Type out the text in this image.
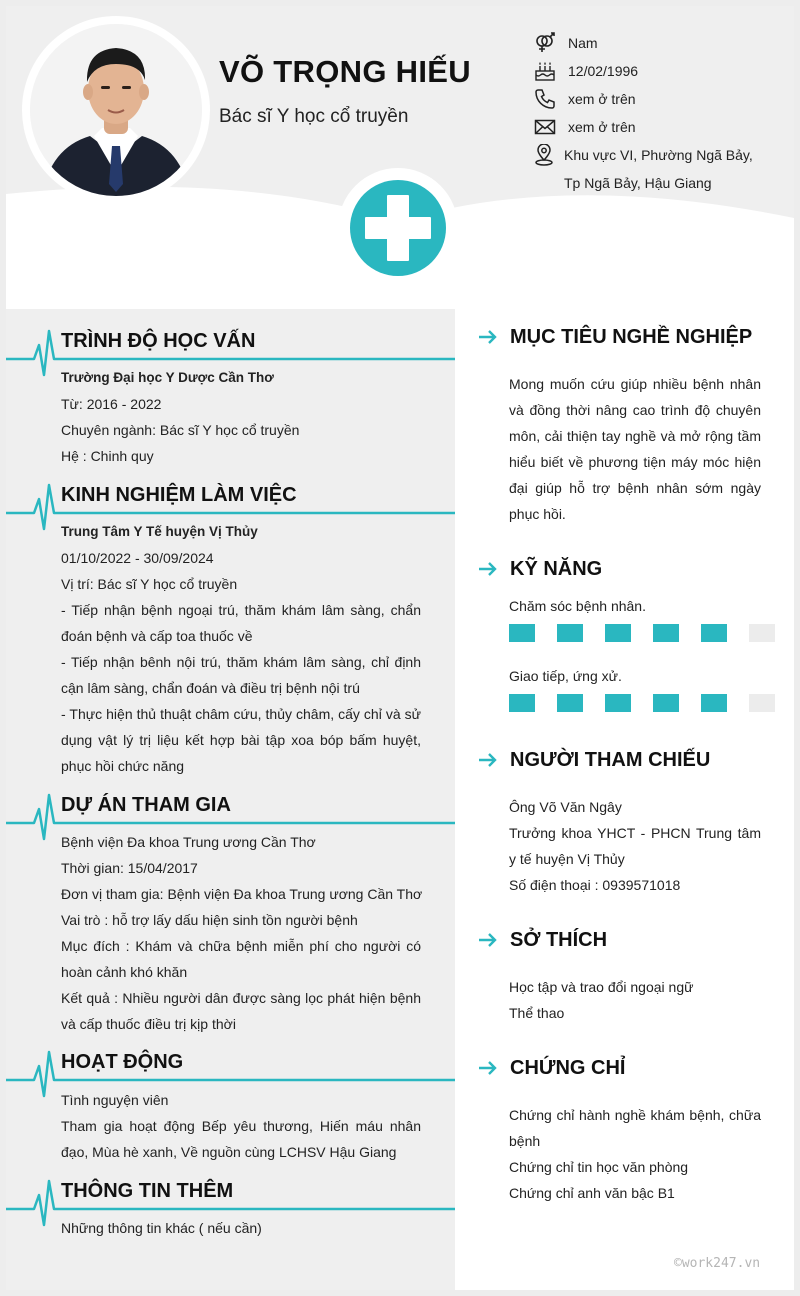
VÕ TRỌNG HIẾU
Bác sĩ Y học cổ truyền
Nam
12/02/1996
xem ở trên
xem ở trên
Khu vực VI, Phường Ngã Bảy,
Tp Ngã Bảy, Hậu Giang
TRÌNH ĐỘ HỌC VẤN
Trường Đại học Y Dược Cần Thơ
Từ: 2016 - 2022
Chuyên ngành: Bác sĩ Y học cổ truyền
Hệ : Chinh quy
KINH NGHIỆM LÀM VIỆC
Trung Tâm Y Tế huyện Vị Thủy
01/10/2022 - 30/09/2024
Vị trí: Bác sĩ Y học cổ truyền
- Tiếp nhận bệnh ngoại trú, thăm khám lâm sàng, chẩn đoán bệnh và cấp toa thuốc về
- Tiếp nhận bênh nội trú, thăm khám lâm sàng, chỉ định cận lâm sàng, chẩn đoán và điều trị bệnh nội trú
- Thực hiện thủ thuật châm cứu, thủy châm, cấy chỉ và sử dụng vật lý trị liệu kết hợp bài tập xoa bóp bấm huyệt, phục hồi chức năng
DỰ ÁN THAM GIA
Bệnh viện Đa khoa Trung ương Cần Thơ
Thời gian: 15/04/2017
Đơn vị tham gia: Bệnh viện Đa khoa Trung ương Cần Thơ
Vai trò : hỗ trợ lấy dấu hiện sinh tồn người bệnh
Mục đích : Khám và chữa bệnh miễn phí cho người có hoàn cảnh khó khăn
Kết quả : Nhiều người dân được sàng lọc phát hiện bệnh và cấp thuốc điều trị kịp thời
HOẠT ĐỘNG
Tình nguyện viên
Tham gia hoạt động Bếp yêu thương, Hiến máu nhân đạo, Mùa hè xanh, Về nguồn cùng LCHSV Hậu Giang
THÔNG TIN THÊM
Những thông tin khác ( nếu cần)
MỤC TIÊU NGHỀ NGHIỆP
Mong muốn cứu giúp nhiều bệnh nhân và đồng thời nâng cao trình độ chuyên môn, cải thiện tay nghề và mở rộng tầm hiểu biết về phương tiện máy móc hiện đại giúp hỗ trợ bệnh nhân sớm ngày phục hồi.
KỸ NĂNG
Chăm sóc bệnh nhân.
Giao tiếp, ứng xử.
NGƯỜI THAM CHIẾU
Ông Võ Văn Ngây
Trưởng khoa YHCT - PHCN Trung tâm y tế huyện Vị Thủy
Số điện thoại : 0939571018
SỞ THÍCH
Học tập và trao đổi ngoại ngữ
Thể thao
CHỨNG CHỈ
Chứng chỉ hành nghề khám bệnh, chữa bệnh
Chứng chỉ tin học văn phòng
Chứng chỉ anh văn bậc B1
©work247.vn
